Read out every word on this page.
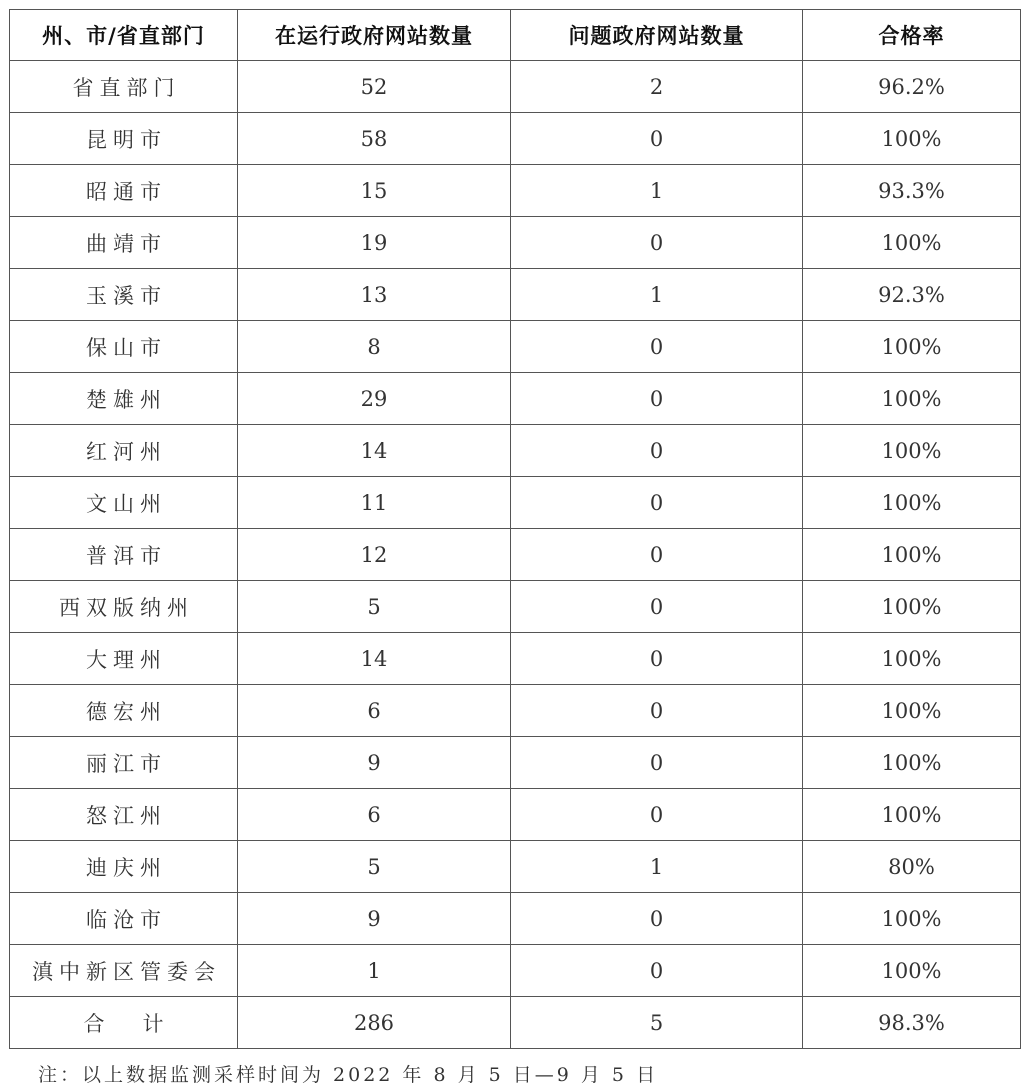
州、市/省直部门	在运行政府网站数量	问题政府网站数量	合格率
省直部门	52	2	96.2%
昆明市	58	0	100%
昭通市	15	1	93.3%
曲靖市	19	0	100%
玉溪市	13	1	92.3%
保山市	8	0	100%
楚雄州	29	0	100%
红河州	14	0	100%
文山州	11	0	100%
普洱市	12	0	100%
西双版纳州	5	0	100%
大理州	14	0	100%
德宏州	6	0	100%
丽江市	9	0	100%
怒江州	6	0	100%
迪庆州	5	1	80%
临沧市	9	0	100%
滇中新区管委会	1	0	100%
合计	286	5	98.3%
注：以上数据监测采样时间为 2022 年 8 月 5 日—9 月 5 日
